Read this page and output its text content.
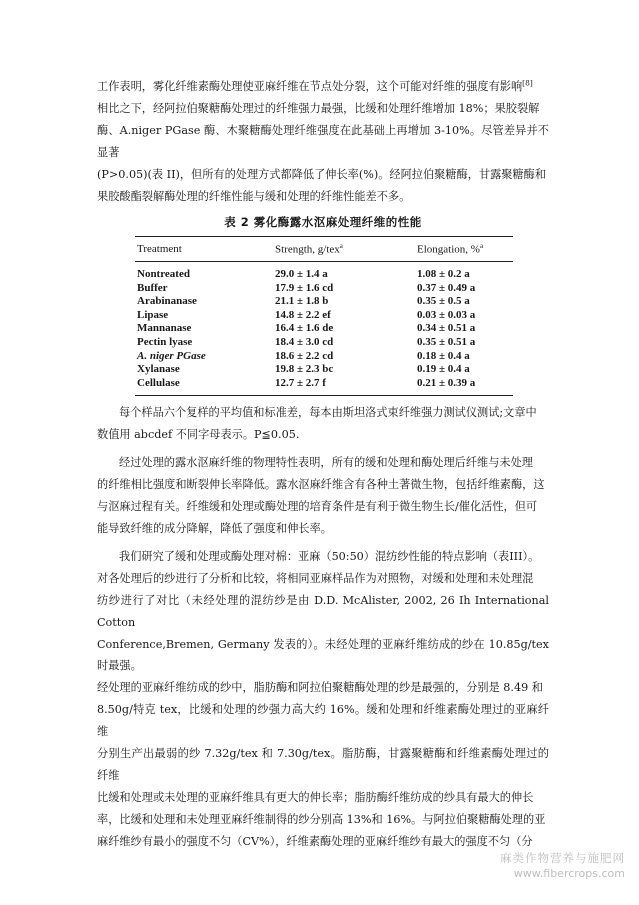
工作表明，雾化纤维素酶处理使亚麻纤维在节点处分裂，这个可能对纤维的强度有影响[8]
相比之下，经阿拉伯聚糖酶处理过的纤维强力最强，比缓和处理纤维增加 18%；果胶裂解
酶、A.niger PGase 酶、木聚糖酶处理纤维强度在此基础上再增加 3-10%。尽管差异并不显著
(P>0.05)(表 II)，但所有的处理方式都降低了伸长率(%)。经阿拉伯聚糖酶，甘露聚糖酶和
果胶酸酯裂解酶处理的纤维性能与缓和处理的纤维性能差不多。

表 2 雾化酶露水沤麻处理纤维的性能
Treatment	Strength, g/tex$^a$	Elongation, %$^a$
Nontreated	29.0 ± 1.4 a	1.08 ± 0.2 a
Buffer	17.9 ± 1.6 cd	0.37 ± 0.49 a
Arabinanase	21.1 ± 1.8 b	0.35 ± 0.5 a
Lipase	14.8 ± 2.2 ef	0.03 ± 0.03 a
Mannanase	16.4 ± 1.6 de	0.34 ± 0.51 a
Pectin lyase	18.4 ± 3.0 cd	0.35 ± 0.51 a
A. niger PGase	18.6 ± 2.2 cd	0.18 ± 0.4 a
Xylanase	19.8 ± 2.3 bc	0.19 ± 0.4 a
Cellulase	12.7 ± 2.7 f	0.21 ± 0.39 a

每个样品六个复样的平均值和标准差，每本由斯坦洛式束纤维强力测试仪测试;文章中
数值用 abcdef 不同字母表示。P≦0.05.

经过处理的露水沤麻纤维的物理特性表明，所有的缓和处理和酶处理后纤维与未处理
的纤维相比强度和断裂伸长率降低。露水沤麻纤维含有各种土著微生物，包括纤维素酶，这
与沤麻过程有关。纤维缓和处理或酶处理的培育条件是有利于微生物生长/催化活性，但可
能导致纤维的成分降解，降低了强度和伸长率。

我们研究了缓和处理或酶处理对棉：亚麻（50:50）混纺纱性能的特点影响（表III）。
对各处理后的纱进行了分析和比较，将相同亚麻样品作为对照物，对缓和处理和未处理混
纺纱进行了对比（未经处理的混纺纱是由 D.D. McAlister, 2002, 26 Ih International Cotton
Conference,Bremen, Germany 发表的）。未经处理的亚麻纤维纺成的纱在 10.85g/tex 时最强。
经处理的亚麻纤维纺成的纱中，脂肪酶和阿拉伯聚糖酶处理的纱是最强的，分别是 8.49 和
8.50g/特克 tex，比缓和处理的纱强力高大约 16%。缓和处理和纤维素酶处理过的亚麻纤维
分别生产出最弱的纱 7.32g/tex 和 7.30g/tex。脂肪酶，甘露聚糖酶和纤维素酶处理过的纤维
比缓和处理或未处理的亚麻纤维具有更大的伸长率；脂肪酶纤维纺成的纱具有最大的伸长
率，比缓和处理和未处理亚麻纤维制得的纱分别高 13%和 16%。与阿拉伯聚糖酶处理的亚
麻纤维纱有最小的强度不匀（CV%），纤维素酶处理的亚麻纤维纱有最大的强度不匀（分

麻类作物营养与施肥网
www.fibercrops.com
